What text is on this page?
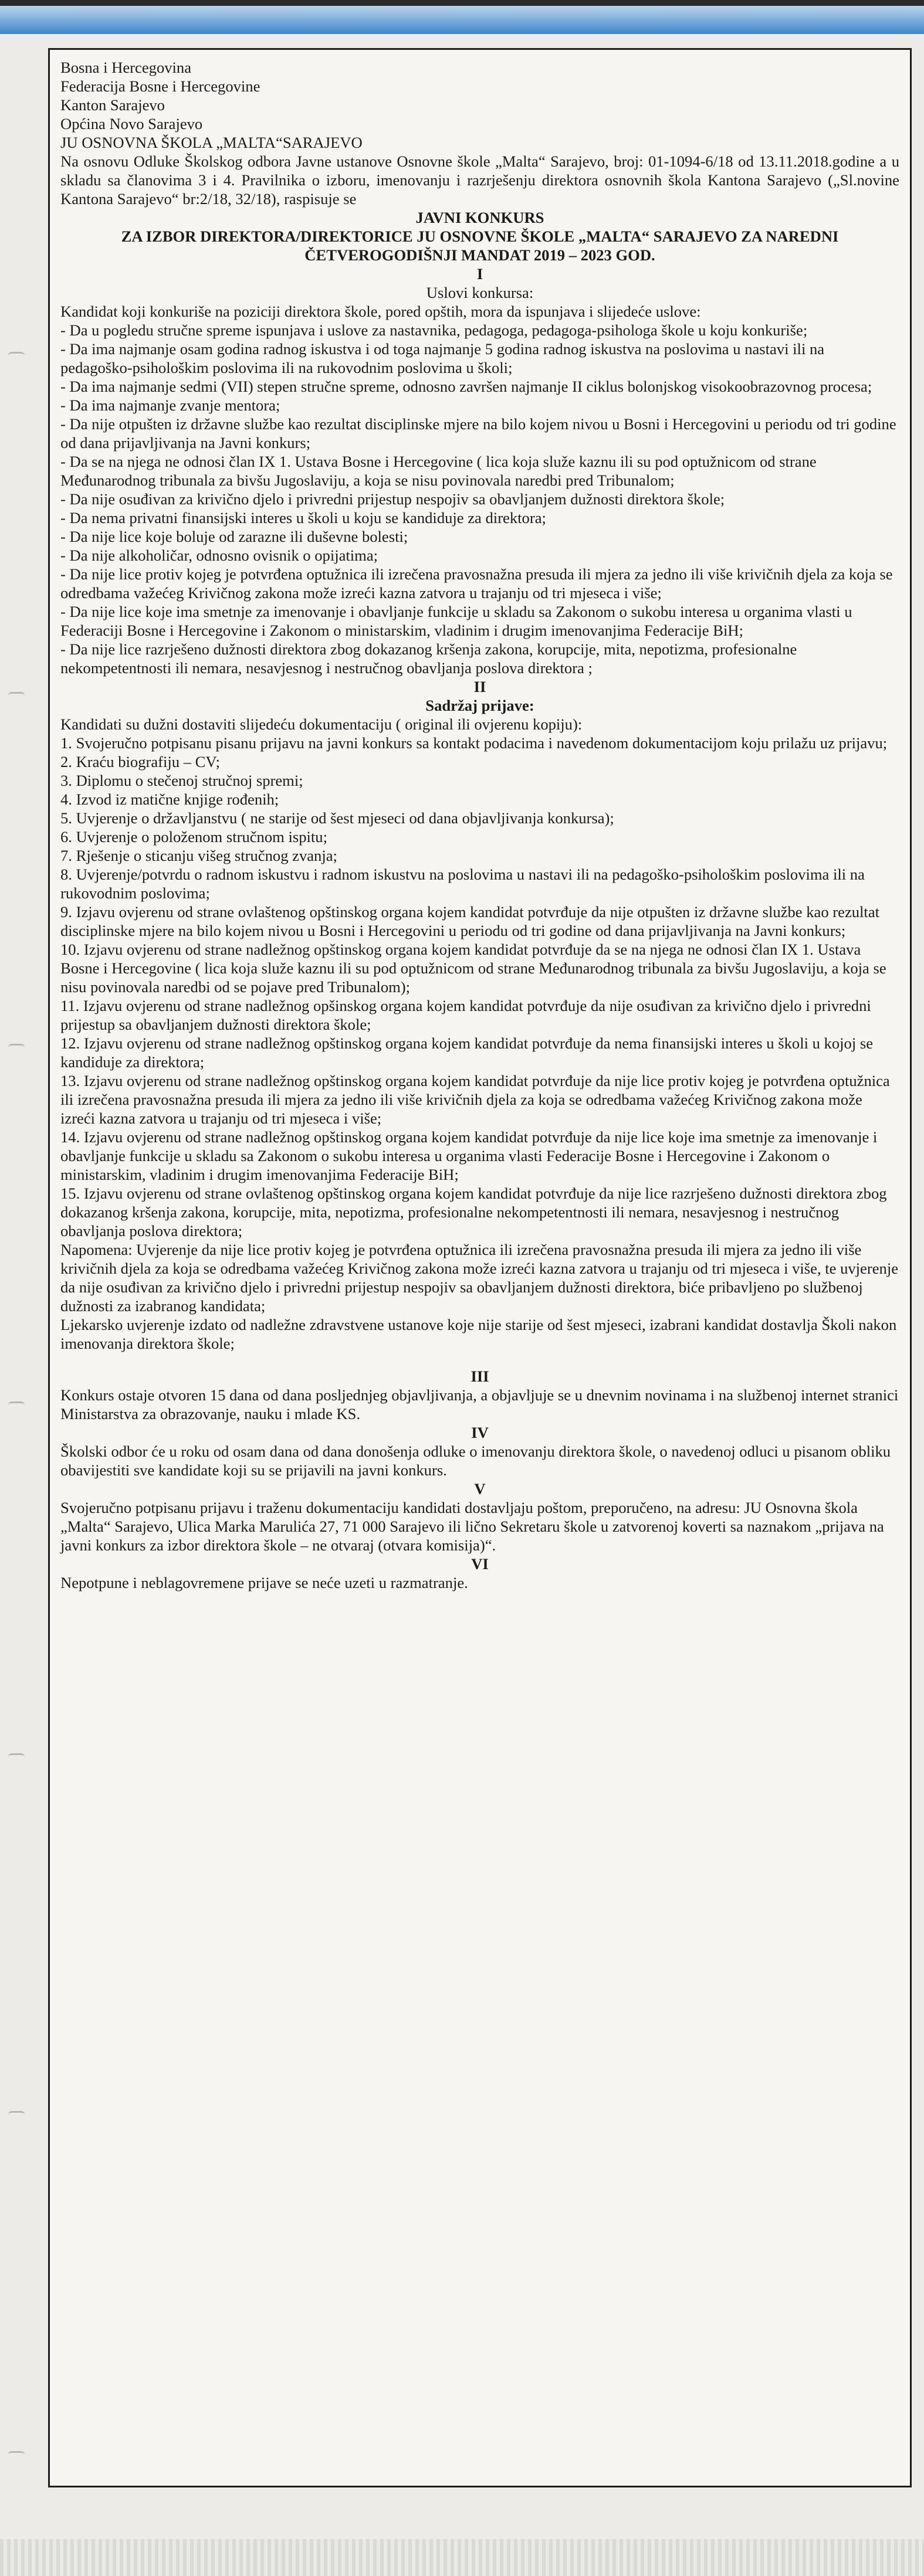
Bosna i Hercegovina

Federacija Bosne i Hercegovine

Kanton Sarajevo

Općina Novo Sarajevo

JU OSNOVNA ŠKOLA „MALTA“SARAJEVO

Na osnovu Odluke Školskog odbora Javne ustanove Osnovne škole „Malta“ Sarajevo, broj: 01-1094-6/18 od 13.11.2018.godine a u skladu sa članovima 3 i 4. Pravilnika o izboru, imenovanju i razrješenju direktora osnovnih škola Kantona Sarajevo („Sl.novine Kantona Sarajevo“ br:2/18, 32/18), raspisuje se

JAVNI KONKURS

ZA IZBOR DIREKTORA/DIREKTORICE JU OSNOVNE ŠKOLE „MALTA“ SARAJEVO ZA NAREDNI ČETVEROGODIŠNJI MANDAT 2019 – 2023 GOD.

I

Uslovi konkursa:

Kandidat koji konkuriše na poziciji direktora škole, pored opštih, mora da ispunjava i slijedeće uslove:

- Da u pogledu stručne spreme ispunjava i uslove za nastavnika, pedagoga, pedagoga-psihologa škole u koju konkuriše;

- Da ima najmanje osam godina radnog iskustva i od toga najmanje 5 godina radnog iskustva na poslovima u nastavi ili na pedagoško-psihološkim poslovima ili na rukovodnim poslovima u školi;

- Da ima najmanje sedmi (VII) stepen stručne spreme, odnosno završen najmanje II ciklus bolonjskog visokoobrazovnog procesa;

- Da ima najmanje zvanje mentora;

- Da nije otpušten iz državne službe kao rezultat disciplinske mjere na bilo kojem nivou u Bosni i Hercegovini u periodu od tri godine od dana prijavljivanja na Javni konkurs;

- Da se na njega ne odnosi član IX 1. Ustava Bosne i Hercegovine ( lica koja služe kaznu ili su pod optužnicom od strane Međunarodnog tribunala za bivšu Jugoslaviju, a koja se nisu povinovala naredbi pred Tribunalom;

- Da nije osuđivan za krivično djelo i privredni prijestup nespojiv sa obavljanjem dužnosti direktora škole;

- Da nema privatni finansijski interes u školi u koju se kandiduje za direktora;

- Da nije lice koje boluje od zarazne ili duševne bolesti;

- Da nije alkoholičar, odnosno ovisnik o opijatima;

- Da nije lice protiv kojeg je potvrđena optužnica ili izrečena pravosnažna presuda ili mjera za jedno ili više krivičnih djela za koja se odredbama važećeg Krivičnog zakona može izreći kazna zatvora u trajanju od tri mjeseca i više;

- Da nije lice koje ima smetnje za imenovanje i obavljanje funkcije u skladu sa Zakonom o sukobu interesa u organima vlasti u Federaciji Bosne i Hercegovine i Zakonom o ministarskim, vladinim i drugim imenovanjima Federacije BiH;

- Da nije lice razrješeno dužnosti direktora zbog dokazanog kršenja zakona, korupcije, mita, nepotizma, profesionalne nekompetentnosti ili nemara, nesavjesnog i nestručnog obavljanja poslova direktora ;

II

Sadržaj prijave:

Kandidati su dužni dostaviti slijedeću dokumentaciju ( original ili ovjerenu kopiju):

1. Svojeručno potpisanu pisanu prijavu na javni konkurs sa kontakt podacima i navedenom dokumentacijom koju prilažu uz prijavu;

2. Kraću biografiju – CV;

3. Diplomu o stečenoj stručnoj spremi;

4. Izvod iz matične knjige rođenih;

5. Uvjerenje o državljanstvu ( ne starije od šest mjeseci od dana objavljivanja konkursa);

6. Uvjerenje o položenom stručnom ispitu;

7. Rješenje o sticanju višeg stručnog zvanja;

8. Uvjerenje/potvrdu o radnom iskustvu i radnom iskustvu na poslovima u nastavi ili na pedagoško-psihološkim poslovima ili na rukovodnim poslovima;

9. Izjavu ovjerenu od strane ovlaštenog opštinskog organa kojem kandidat potvrđuje da nije otpušten iz državne službe kao rezultat disciplinske mjere na bilo kojem nivou u Bosni i Hercegovini u periodu od tri godine od dana prijavljivanja na Javni konkurs;

10. Izjavu ovjerenu od strane nadležnog opštinskog organa kojem kandidat potvrđuje da se na njega ne odnosi član IX 1. Ustava Bosne i Hercegovine ( lica koja služe kaznu ili su pod optužnicom od strane Međunarodnog tribunala za bivšu Jugoslaviju, a koja se nisu povinovala naredbi od se pojave pred Tribunalom);

11. Izjavu ovjerenu od strane nadležnog opšinskog organa kojem kandidat potvrđuje da nije osuđivan za krivično djelo i privredni prijestup sa obavljanjem dužnosti direktora škole;

12. Izjavu ovjerenu od strane nadležnog opštinskog organa kojem kandidat potvrđuje da nema finansijski interes u školi u kojoj se kandiduje za direktora;

13. Izjavu ovjerenu od strane nadležnog opštinskog organa kojem kandidat potvrđuje da nije lice protiv kojeg je potvrđena optužnica ili izrečena pravosnažna presuda ili mjera za jedno ili više krivičnih djela za koja se odredbama važećeg Krivičnog zakona može izreći kazna zatvora u trajanju od tri mjeseca i više;

14. Izjavu ovjerenu od strane nadležnog opštinskog organa kojem kandidat potvrđuje da nije lice koje ima smetnje za imenovanje i obavljanje funkcije u skladu sa Zakonom o sukobu interesa u organima vlasti Federacije Bosne i Hercegovine i Zakonom o ministarskim, vladinim i drugim imenovanjima Federacije BiH;

15. Izjavu ovjerenu od strane ovlaštenog opštinskog organa kojem kandidat potvrđuje da nije lice razrješeno dužnosti direktora zbog dokazanog kršenja zakona, korupcije, mita, nepotizma, profesionalne nekompetentnosti ili nemara, nesavjesnog i nestručnog obavljanja poslova direktora;

Napomena: Uvjerenje da nije lice protiv kojeg je potvrđena optužnica ili izrečena pravosnažna presuda ili mjera za jedno ili više krivičnih djela za koja se odredbama važećeg Krivičnog zakona može izreći kazna zatvora u trajanju od tri mjeseca i više, te uvjerenje da nije osuđivan za krivično djelo i privredni prijestup nespojiv sa obavljanjem dužnosti direktora, biće pribavljeno po službenoj dužnosti za izabranog kandidata;

Ljekarsko uvjerenje izdato od nadležne zdravstvene ustanove koje nije starije od šest mjeseci, izabrani kandidat dostavlja Školi nakon imenovanja direktora škole;

III

Konkurs ostaje otvoren 15 dana od dana posljednjeg objavljivanja, a objavljuje se u dnevnim novinama i na službenoj internet stranici Ministarstva za obrazovanje, nauku i mlade KS.

IV

Školski odbor će u roku od osam dana od dana donošenja odluke o imenovanju direktora škole, o navedenoj odluci u pisanom obliku obavijestiti sve kandidate koji su se prijavili na javni konkurs.

V

Svojeručno potpisanu prijavu i traženu dokumentaciju kandidati dostavljaju poštom, preporučeno, na adresu: JU Osnovna škola „Malta“ Sarajevo, Ulica Marka Marulića 27, 71 000 Sarajevo ili lično Sekretaru škole u zatvorenoj koverti sa naznakom „prijava na javni konkurs za izbor direktora škole – ne otvaraj (otvara komisija)“.

VI

Nepotpune i neblagovremene prijave se neće uzeti u razmatranje.
